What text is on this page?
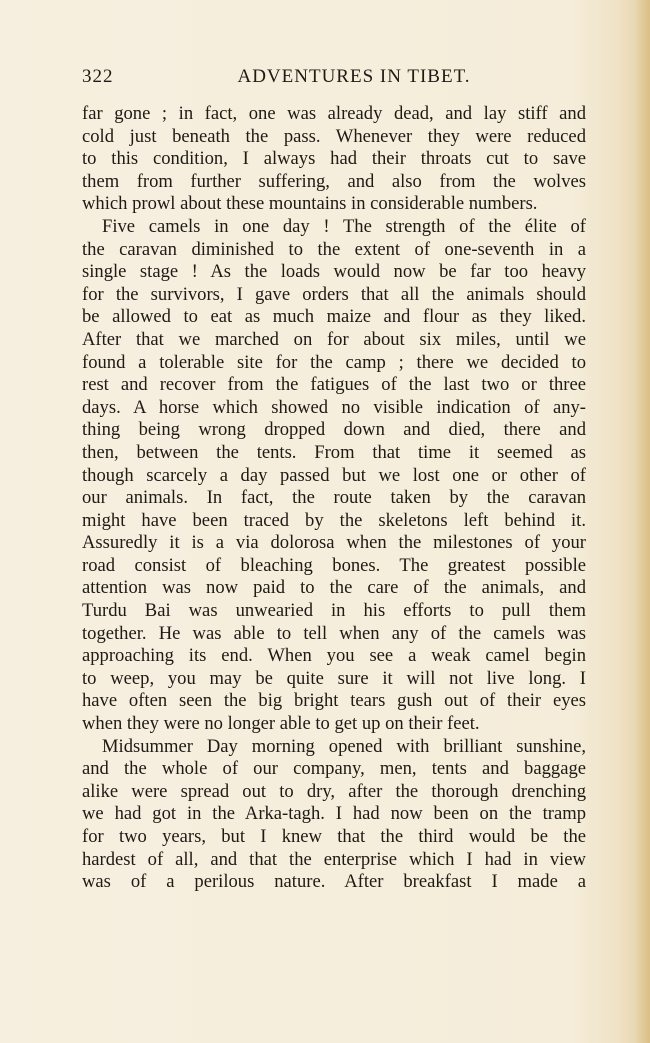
322	ADVENTURES IN TIBET.
far gone ; in fact, one was already dead, and lay stiff and
cold just beneath the pass. Whenever they were reduced
to this condition, I always had their throats cut to save
them from further suffering, and also from the wolves
which prowl about these mountains in considerable numbers.
Five camels in one day ! The strength of the élite of
the caravan diminished to the extent of one-seventh in a
single stage ! As the loads would now be far too heavy
for the survivors, I gave orders that all the animals should
be allowed to eat as much maize and flour as they liked.
After that we marched on for about six miles, until we
found a tolerable site for the camp ; there we decided to
rest and recover from the fatigues of the last two or three
days. A horse which showed no visible indication of any-
thing being wrong dropped down and died, there and
then, between the tents. From that time it seemed as
though scarcely a day passed but we lost one or other of
our animals. In fact, the route taken by the caravan
might have been traced by the skeletons left behind it.
Assuredly it is a via dolorosa when the milestones of your
road consist of bleaching bones. The greatest possible
attention was now paid to the care of the animals, and
Turdu Bai was unwearied in his efforts to pull them
together. He was able to tell when any of the camels was
approaching its end. When you see a weak camel begin
to weep, you may be quite sure it will not live long. I
have often seen the big bright tears gush out of their eyes
when they were no longer able to get up on their feet.
Midsummer Day morning opened with brilliant sunshine,
and the whole of our company, men, tents and baggage
alike were spread out to dry, after the thorough drenching
we had got in the Arka-tagh. I had now been on the tramp
for two years, but I knew that the third would be the
hardest of all, and that the enterprise which I had in view
was of a perilous nature. After breakfast I made a
